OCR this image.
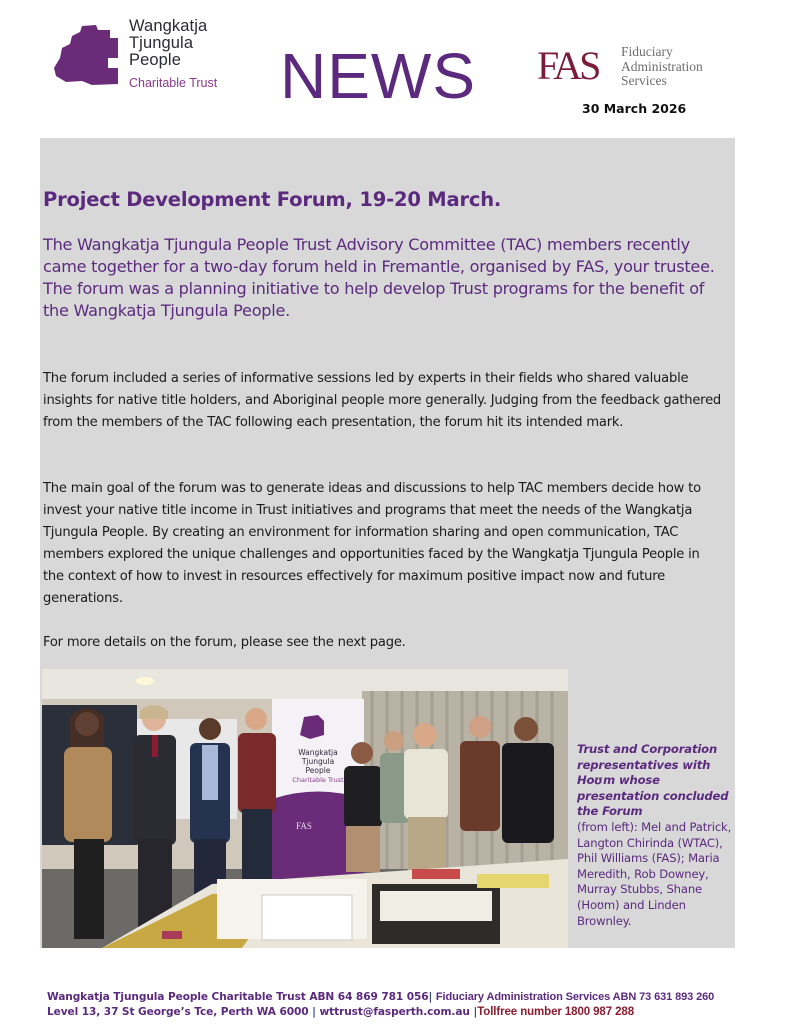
Wangkatja
Tjungula
People
Charitable Trust NEWS FAS Fiduciary
Administration
Services
30 March 2026
Project Development Forum, 19-20 March.

The Wangkatja Tjungula People Trust Advisory Committee (TAC) members recently came together for a two-day forum held in Fremantle, organised by FAS, your trustee. The forum was a planning initiative to help develop Trust programs for the benefit of the Wangkatja Tjungula People.

The forum included a series of informative sessions led by experts in their fields who shared valuable insights for native title holders, and Aboriginal people more generally. Judging from the feedback gathered from the members of the TAC following each presentation, the forum hit its intended mark.

The main goal of the forum was to generate ideas and discussions to help TAC members decide how to invest your native title income in Trust initiatives and programs that meet the needs of the Wangkatja Tjungula People. By creating an environment for information sharing and open communication, TAC members explored the unique challenges and opportunities faced by the Wangkatja Tjungula People in the context of how to invest in resources effectively for maximum positive impact now and future generations.

For more details on the forum, please see the next page.

Wangkatja
Tjungula
People
Charitable Trust
FAS
Trust and Corporation representatives with Hoʊm whose presentation concluded the Forum
(from left): Mel and Patrick, Langton Chirinda (WTAC), Phil Williams (FAS); Maria Meredith, Rob Downey, Murray Stubbs, Shane (Hoʊm) and Linden Brownley.
Wangkatja Tjungula People Charitable Trust ABN 64 869 781 056| Fiduciary Administration Services ABN 73 631 893 260
Level 13, 37 St George’s Tce, Perth WA 6000 | wttrust@fasperth.com.au |Tollfree number 1800 987 288
